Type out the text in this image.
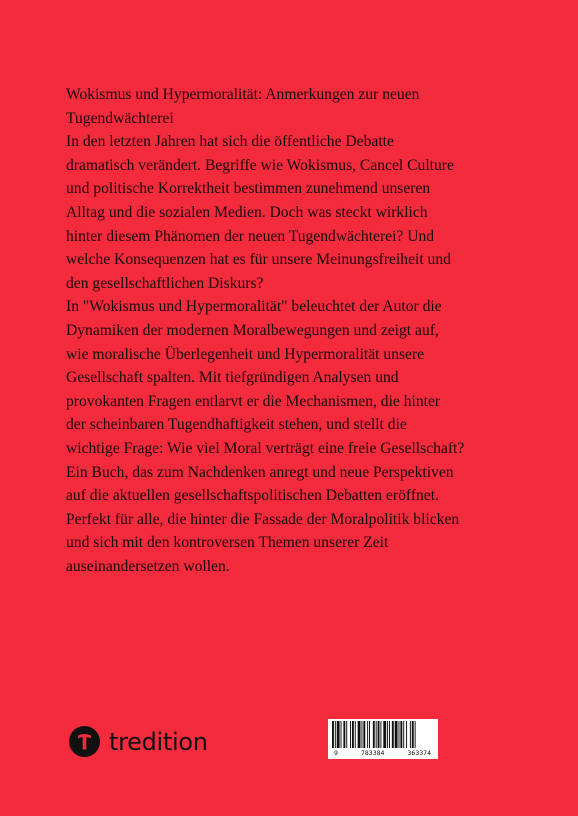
Wokismus und Hypermoralität: Anmerkungen zur neuen

Tugendwächterei

In den letzten Jahren hat sich die öffentliche Debatte

dramatisch verändert. Begriffe wie Wokismus, Cancel Culture

und politische Korrektheit bestimmen zunehmend unseren

Alltag und die sozialen Medien. Doch was steckt wirklich

hinter diesem Phänomen der neuen Tugendwächterei? Und

welche Konsequenzen hat es für unsere Meinungsfreiheit und

den gesellschaftlichen Diskurs?

In "Wokismus und Hypermoralität" beleuchtet der Autor die

Dynamiken der modernen Moralbewegungen und zeigt auf,

wie moralische Überlegenheit und Hypermoralität unsere

Gesellschaft spalten. Mit tiefgründigen Analysen und

provokanten Fragen entlarvt er die Mechanismen, die hinter

der scheinbaren Tugendhaftigkeit stehen, und stellt die

wichtige Frage: Wie viel Moral verträgt eine freie Gesellschaft?

Ein Buch, das zum Nachdenken anregt und neue Perspektiven

auf die aktuellen gesellschaftspolitischen Debatten eröffnet.

Perfekt für alle, die hinter die Fassade der Moralpolitik blicken

und sich mit den kontroversen Themen unserer Zeit

auseinandersetzen wollen.

tredition	9	783384	363374
